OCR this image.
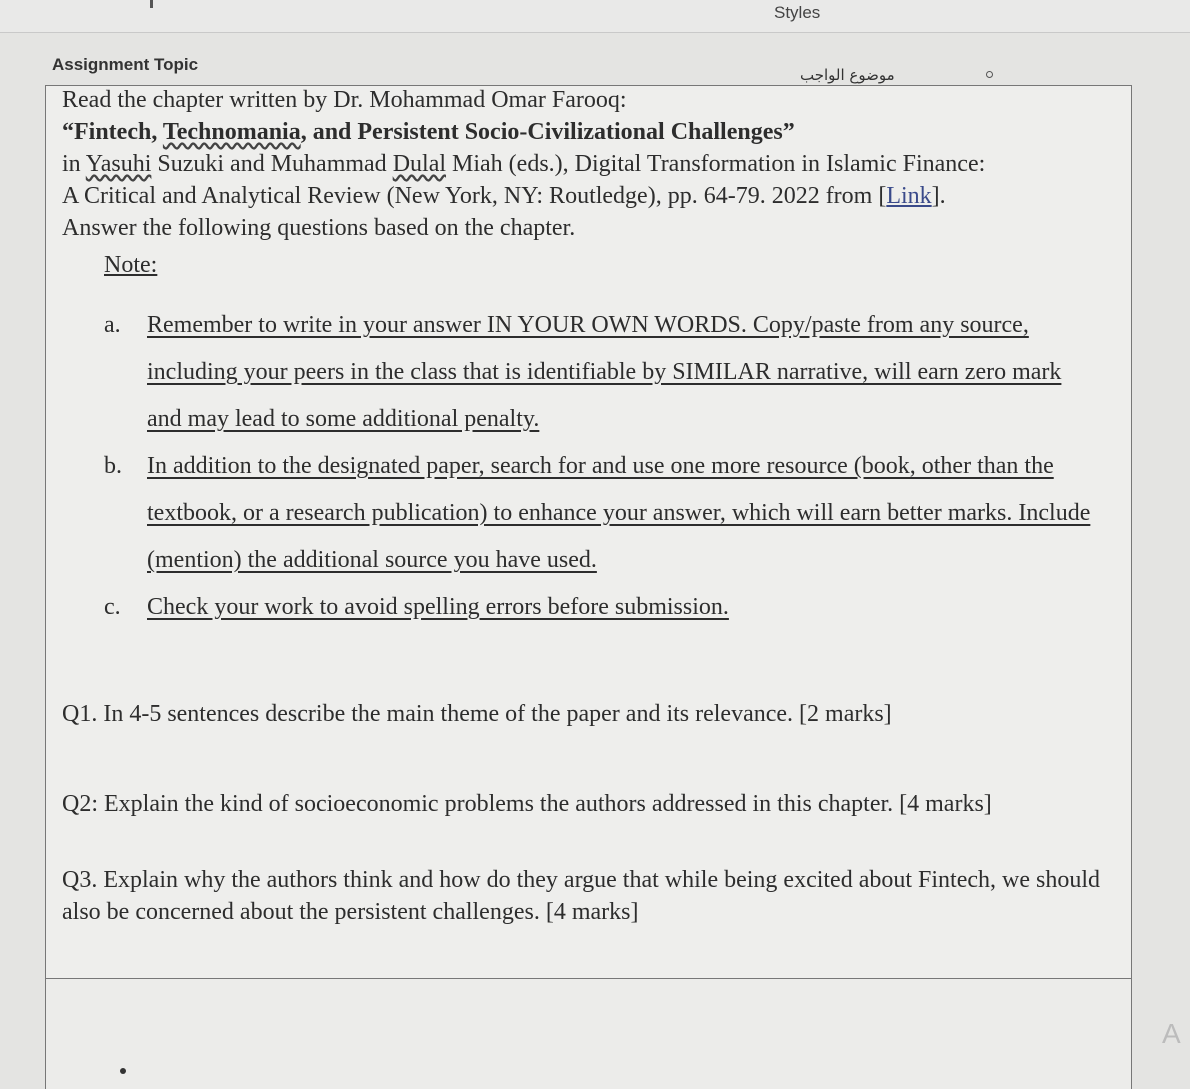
Styles
Assignment Topic
موضوع الواجب

Read the chapter written by Dr. Mohammad Omar Farooq:

“Fintech, Technomania, and Persistent Socio-Civilizational Challenges”

in Yasuhi Suzuki and Muhammad Dulal Miah (eds.), Digital Transformation in Islamic Finance:

A Critical and Analytical Review (New York, NY: Routledge), pp. 64-79. 2022 from [Link].

Answer the following questions based on the chapter.

Note:
a. Remember to write in your answer IN YOUR OWN WORDS. Copy/paste from any source, including your peers in the class that is identifiable by SIMILAR narrative, will earn zero mark and may lead to some additional penalty.
b. In addition to the designated paper, search for and use one more resource (book, other than the textbook, or a research publication) to enhance your answer, which will earn better marks. Include (mention) the additional source you have used.
c. Check your work to avoid spelling errors before submission.
Q1. In 4-5 sentences describe the main theme of the paper and its relevance. [2 marks]
Q2: Explain the kind of socioeconomic problems the authors addressed in this chapter. [4 marks]
Q3. Explain why the authors think and how do they argue that while being excited about Fintech, we should also be concerned about the persistent challenges. [4 marks]
A
